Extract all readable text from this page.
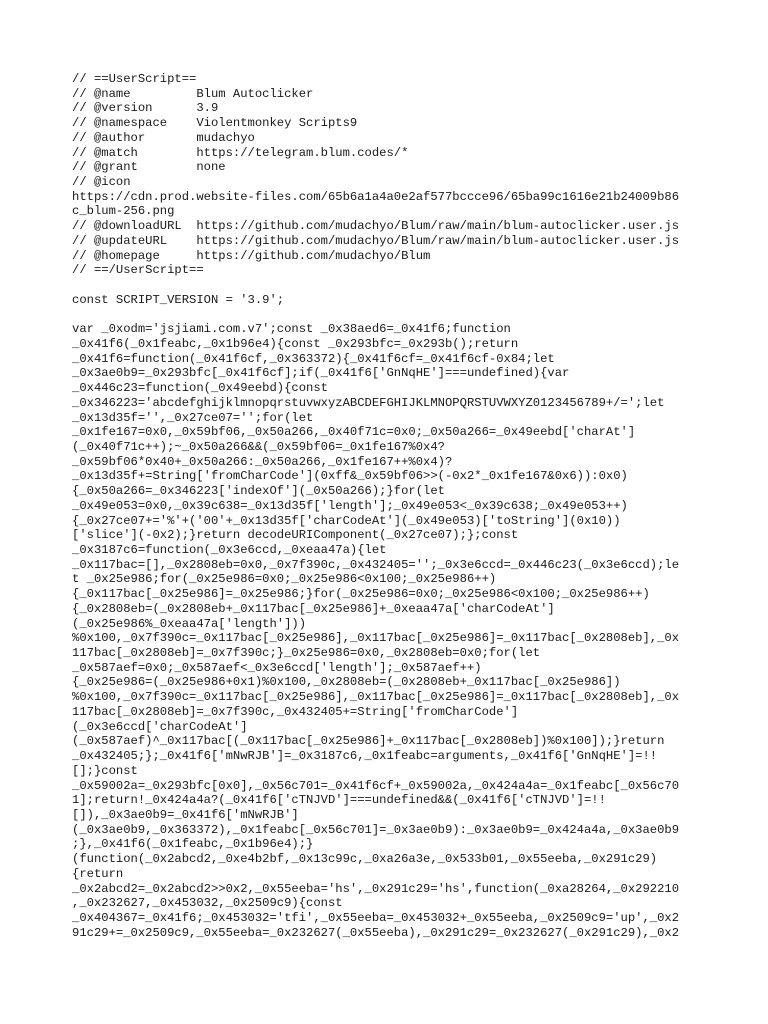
// ==UserScript==
// @name         Blum Autoclicker
// @version      3.9
// @namespace    Violentmonkey Scripts9
// @author       mudachyo
// @match        https://telegram.blum.codes/*
// @grant        none
// @icon
https://cdn.prod.website-files.com/65b6a1a4a0e2af577bccce96/65ba99c1616e21b24009b86
c_blum-256.png
// @downloadURL  https://github.com/mudachyo/Blum/raw/main/blum-autoclicker.user.js
// @updateURL    https://github.com/mudachyo/Blum/raw/main/blum-autoclicker.user.js
// @homepage     https://github.com/mudachyo/Blum
// ==/UserScript==
const SCRIPT_VERSION = '3.9';
var _0xodm='jsjiami.com.v7';const _0x38aed6=_0x41f6;function
_0x41f6(_0x1feabc,_0x1b96e4){const _0x293bfc=_0x293b();return
_0x41f6=function(_0x41f6cf,_0x363372){_0x41f6cf=_0x41f6cf-0x84;let
_0x3ae0b9=_0x293bfc[_0x41f6cf];if(_0x41f6['GnNqHE']===undefined){var
_0x446c23=function(_0x49eebd){const
_0x346223='abcdefghijklmnopqrstuvwxyzABCDEFGHIJKLMNOPQRSTUVWXYZ0123456789+/=';let
_0x13d35f='',_0x27ce07='';for(let
_0x1fe167=0x0,_0x59bf06,_0x50a266,_0x40f71c=0x0;_0x50a266=_0x49eebd['charAt']
(_0x40f71c++);~_0x50a266&&(_0x59bf06=_0x1fe167%0x4?
_0x59bf06*0x40+_0x50a266:_0x50a266,_0x1fe167++%0x4)?
_0x13d35f+=String['fromCharCode'](0xff&_0x59bf06>>(-0x2*_0x1fe167&0x6)):0x0)
{_0x50a266=_0x346223['indexOf'](_0x50a266);}for(let
_0x49e053=0x0,_0x39c638=_0x13d35f['length'];_0x49e053<_0x39c638;_0x49e053++)
{_0x27ce07+='%'+('00'+_0x13d35f['charCodeAt'](_0x49e053)['toString'](0x10))
['slice'](-0x2);}return decodeURIComponent(_0x27ce07);};const
_0x3187c6=function(_0x3e6ccd,_0xeaa47a){let
_0x117bac=[],_0x2808eb=0x0,_0x7f390c,_0x432405='';_0x3e6ccd=_0x446c23(_0x3e6ccd);le
t _0x25e986;for(_0x25e986=0x0;_0x25e986<0x100;_0x25e986++)
{_0x117bac[_0x25e986]=_0x25e986;}for(_0x25e986=0x0;_0x25e986<0x100;_0x25e986++)
{_0x2808eb=(_0x2808eb+_0x117bac[_0x25e986]+_0xeaa47a['charCodeAt']
(_0x25e986%_0xeaa47a['length']))
%0x100,_0x7f390c=_0x117bac[_0x25e986],_0x117bac[_0x25e986]=_0x117bac[_0x2808eb],_0x
117bac[_0x2808eb]=_0x7f390c;}_0x25e986=0x0,_0x2808eb=0x0;for(let
_0x587aef=0x0;_0x587aef<_0x3e6ccd['length'];_0x587aef++)
{_0x25e986=(_0x25e986+0x1)%0x100,_0x2808eb=(_0x2808eb+_0x117bac[_0x25e986])
%0x100,_0x7f390c=_0x117bac[_0x25e986],_0x117bac[_0x25e986]=_0x117bac[_0x2808eb],_0x
117bac[_0x2808eb]=_0x7f390c,_0x432405+=String['fromCharCode']
(_0x3e6ccd['charCodeAt']
(_0x587aef)^_0x117bac[(_0x117bac[_0x25e986]+_0x117bac[_0x2808eb])%0x100]);}return
_0x432405;};_0x41f6['mNwRJB']=_0x3187c6,_0x1feabc=arguments,_0x41f6['GnNqHE']=!!
[];}const
_0x59002a=_0x293bfc[0x0],_0x56c701=_0x41f6cf+_0x59002a,_0x424a4a=_0x1feabc[_0x56c70
1];return!_0x424a4a?(_0x41f6['cTNJVD']===undefined&&(_0x41f6['cTNJVD']=!!
[]),_0x3ae0b9=_0x41f6['mNwRJB']
(_0x3ae0b9,_0x363372),_0x1feabc[_0x56c701]=_0x3ae0b9):_0x3ae0b9=_0x424a4a,_0x3ae0b9
;},_0x41f6(_0x1feabc,_0x1b96e4);}
(function(_0x2abcd2,_0xe4b2bf,_0x13c99c,_0xa26a3e,_0x533b01,_0x55eeba,_0x291c29)
{return
_0x2abcd2=_0x2abcd2>>0x2,_0x55eeba='hs',_0x291c29='hs',function(_0xa28264,_0x292210
,_0x232627,_0x453032,_0x2509c9){const
_0x404367=_0x41f6;_0x453032='tfi',_0x55eeba=_0x453032+_0x55eeba,_0x2509c9='up',_0x2
91c29+=_0x2509c9,_0x55eeba=_0x232627(_0x55eeba),_0x291c29=_0x232627(_0x291c29),_0x2
